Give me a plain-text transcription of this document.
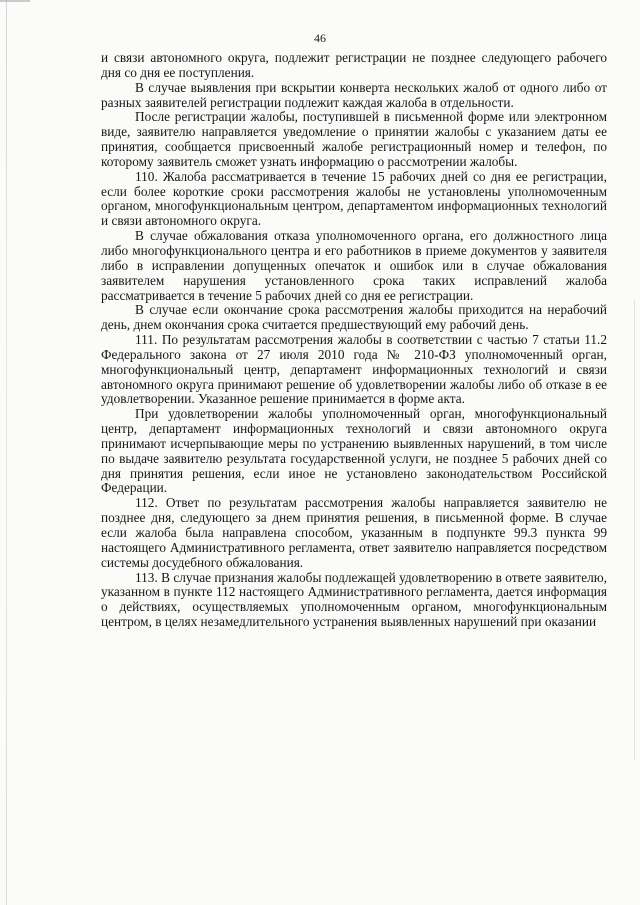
46

и связи автономного округа, подлежит регистрации не позднее следующего рабочего дня со дня ее поступления.

В случае выявления при вскрытии конверта нескольких жалоб от одного либо от разных заявителей регистрации подлежит каждая жалоба в отдельности.

После регистрации жалобы, поступившей в письменной форме или электронном виде, заявителю направляется уведомление о принятии жалобы с указанием даты ее принятия, сообщается присвоенный жалобе регистрационный номер и телефон, по которому заявитель сможет узнать информацию о рассмотрении жалобы.

110. Жалоба рассматривается в течение 15 рабочих дней со дня ее регистрации, если более короткие сроки рассмотрения жалобы не установлены уполномоченным органом, многофункциональным центром, департаментом информационных технологий и связи автономного округа.

В случае обжалования отказа уполномоченного органа, его должностного лица либо многофункционального центра и его работников в приеме документов у заявителя либо в исправлении допущенных опечаток и ошибок или в случае обжалования заявителем нарушения установленного срока таких исправлений жалоба рассматривается в течение 5 рабочих дней со дня ее регистрации.

В случае если окончание срока рассмотрения жалобы приходится на нерабочий день, днем окончания срока считается предшествующий ему рабочий день.

111. По результатам рассмотрения жалобы в соответствии с частью 7 статьи 11.2 Федерального закона от 27 июля 2010 года № 210-ФЗ уполномоченный орган, многофункциональный центр, департамент информационных технологий и связи автономного округа принимают решение об удовлетворении жалобы либо об отказе в ее удовлетворении. Указанное решение принимается в форме акта.

При удовлетворении жалобы уполномоченный орган, многофункциональный центр, департамент информационных технологий и связи автономного округа принимают исчерпывающие меры по устранению выявленных нарушений, в том числе по выдаче заявителю результата государственной услуги, не позднее 5 рабочих дней со дня принятия решения, если иное не установлено законодательством Российской Федерации.

112. Ответ по результатам рассмотрения жалобы направляется заявителю не позднее дня, следующего за днем принятия решения, в письменной форме. В случае если жалоба была направлена способом, указанным в подпункте 99.3 пункта 99 настоящего Административного регламента, ответ заявителю направляется посредством системы досудебного обжалования.

113. В случае признания жалобы подлежащей удовлетворению в ответе заявителю, указанном в пункте 112 настоящего Административного регламента, дается информация о действиях, осуществляемых уполномоченным органом, многофункциональным центром, в целях незамедлительного устранения выявленных нарушений при оказании
